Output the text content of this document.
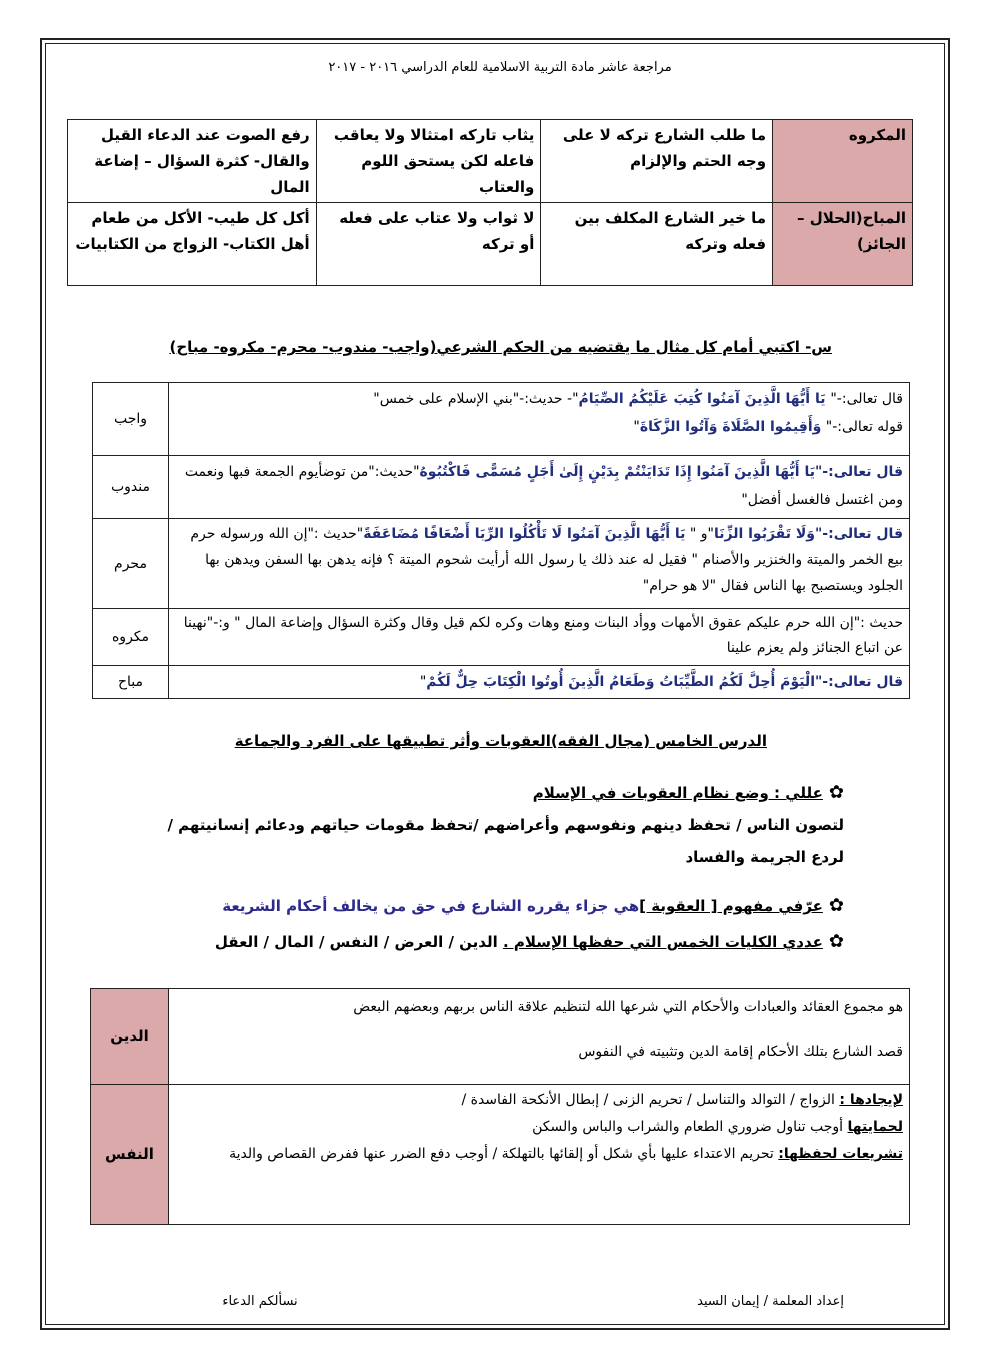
مراجعة عاشر مادة التربية الاسلامية للعام الدراسي ٢٠١٦ - ٢٠١٧
المكروه	ما طلب الشارع تركه لا على وجه الحتم والإلزام	يثاب تاركه امتثالا ولا يعاقب فاعله لكن يستحق اللوم والعتاب	رفع الصوت عند الدعاء القيل والقال- كثرة السؤال – إضاعة المال
المباح(الحلال – الجائز)	ما خير الشارع المكلف بين فعله وتركه	لا ثواب ولا عتاب على فعله أو تركه	أكل كل طيب- الأكل من طعام أهل الكتاب- الزواج من الكتابيات
س- اكتبي أمام كل مثال ما يقتضيه من الحكم الشرعي(واجب- مندوب- محرم- مكروه- مباح)
قال تعالى:-" يَا أَيُّهَا الَّذِينَ آمَنُوا كُتِبَ عَلَيْكُمُ الصِّيَامُ"- حديث:-"بني الإسلام على خمس"
قوله تعالى:-" وَأَقِيمُوا الصَّلَاةَ وَآتُوا الزَّكَاةَ"	واجب
قال تعالى:-"يَا أَيُّهَا الَّذِينَ آمَنُوا إِذَا تَدَايَنْتُمْ بِدَيْنٍ إِلَىٰ أَجَلٍ مُسَمًّى فَاكْتُبُوهُ"حديث:"من توضأيوم الجمعة فبها ونعمت ومن اغتسل فالغسل أفضل"	مندوب
قال تعالى:-"وَلَا تَقْرَبُوا الزِّنَا"و " يَا أَيُّهَا الَّذِينَ آمَنُوا لَا تَأْكُلُوا الرِّبَا أَضْعَافًا مُضَاعَفَةً"حديث :"إن الله ورسوله حرم بيع الخمر والميتة والخنزير والأصنام " فقيل له عند ذلك يا رسول الله أرأيت شحوم الميتة ؟ فإنه يدهن بها السفن ويدهن بها الجلود ويستصبح بها الناس فقال "لا هو حرام"	محرم
حديث :"إن الله حرم عليكم عقوق الأمهات ووأد البنات ومنع وهات وكره لكم قيل وقال وكثرة السؤال وإضاعة المال " و:-"نهينا عن اتباع الجنائز ولم يعزم علينا	مكروه
قال تعالى:-"الْيَوْمَ أُحِلَّ لَكُمُ الطَّيِّبَاتُ وَطَعَامُ الَّذِينَ أُوتُوا الْكِتَابَ حِلٌّ لَكُمْ"	مباح
الدرس الخامس (مجال الفقه)العقوبات وأثر تطبيقها على الفرد والجماعة
✿عللي : وضع نظام العقوبات في الإسلام
لتصون الناس / تحفظ دينهم ونفوسهم وأعراضهم /تحفظ مقومات حياتهم ودعائم إنسانيتهم /
لردع الجريمة والفساد
✿عرّفي مفهوم [ العقوبة ]هي جزاء يقرره الشارع في حق من يخالف أحكام الشريعة
✿عددي الكليات الخمس التي حفظها الإسلام . الدين / العرض / النفس / المال / العقل
هو مجموع العقائد والعبادات والأحكام التي شرعها الله لتنظيم علاقة الناس بربهم وبعضهم البعض
قصد الشارع بتلك الأحكام إقامة الدين وتثبيته في النفوس	الدين

لإيجادها : الزواج / التوالد والتناسل / تحريم الزنى / إبطال الأنكحة الفاسدة /
لحمايتها أوجب تناول ضروري الطعام والشراب والباس والسكن
تشريعات لحفظها: تحريم الاعتداء عليها بأي شكل أو إلقائها بالتهلكة / أوجب دفع الضرر عنها ففرض القصاص والدية	النفس
إعداد المعلمة / إيمان السيد
نسألكم الدعاء
